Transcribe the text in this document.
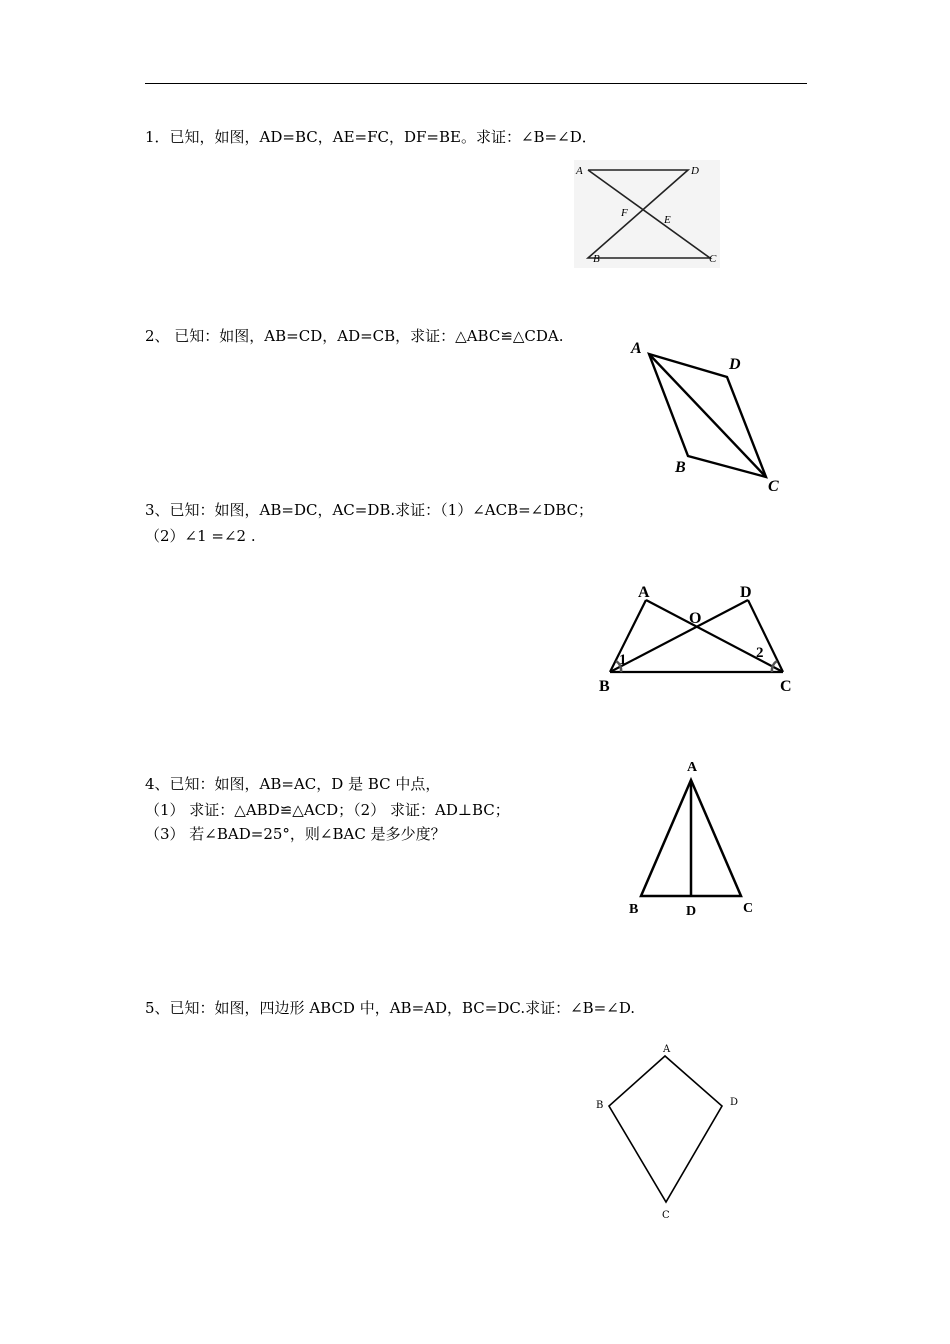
1．已知，如图，AD=BC，AE=FC，DF=BE。求证：∠B=∠D．
A	D
F
E
B	C
2、 已知：如图，AB=CD，AD=CB，求证：△ABC≌△CDA.
A
D
B
C
3、已知：如图，AB=DC，AC=DB.求证：（1）∠ACB=∠DBC；
（2）∠1 =∠2 .
A	D
O
1	2
B	C
4、已知：如图，AB=AC，D 是 BC 中点，
（1） 求证：△ABD≌△ACD；（2） 求证：AD⊥BC；
（3） 若∠BAD=25°，则∠BAC 是多少度？
A
B	D	C
5、已知：如图，四边形 ABCD 中，AB=AD，BC=DC.求证：∠B=∠D.
A
B	D
C
